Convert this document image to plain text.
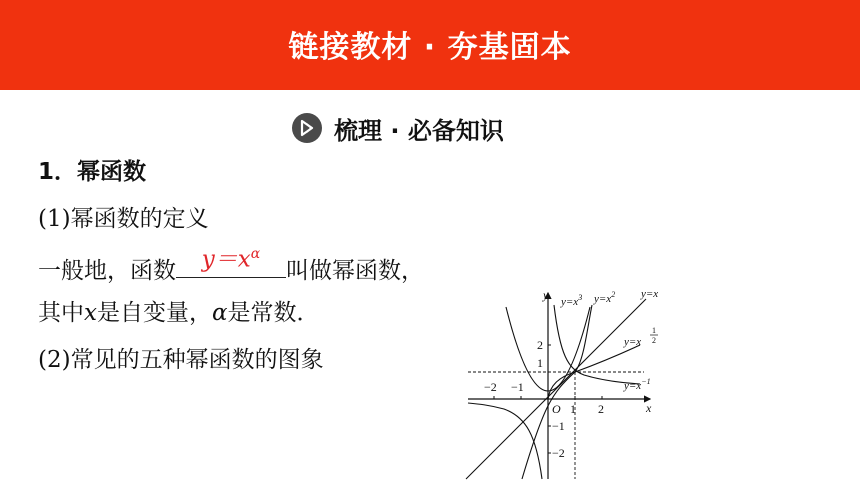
链接教材 · 夯基固本
梳理 · 必备知识
1．幂函数
(1)幂函数的定义
一般地，函数	$y=x^\alpha$
叫做幂函数，
其中x是自变量，α是常数．
(2)常见的五种幂函数的图象
y
x
O
−2 −1
1 2
2
1
−1
−2
$y=x^3$ $y=x^2$ y=x
y=x
1
2
$y=x^{-1}$
